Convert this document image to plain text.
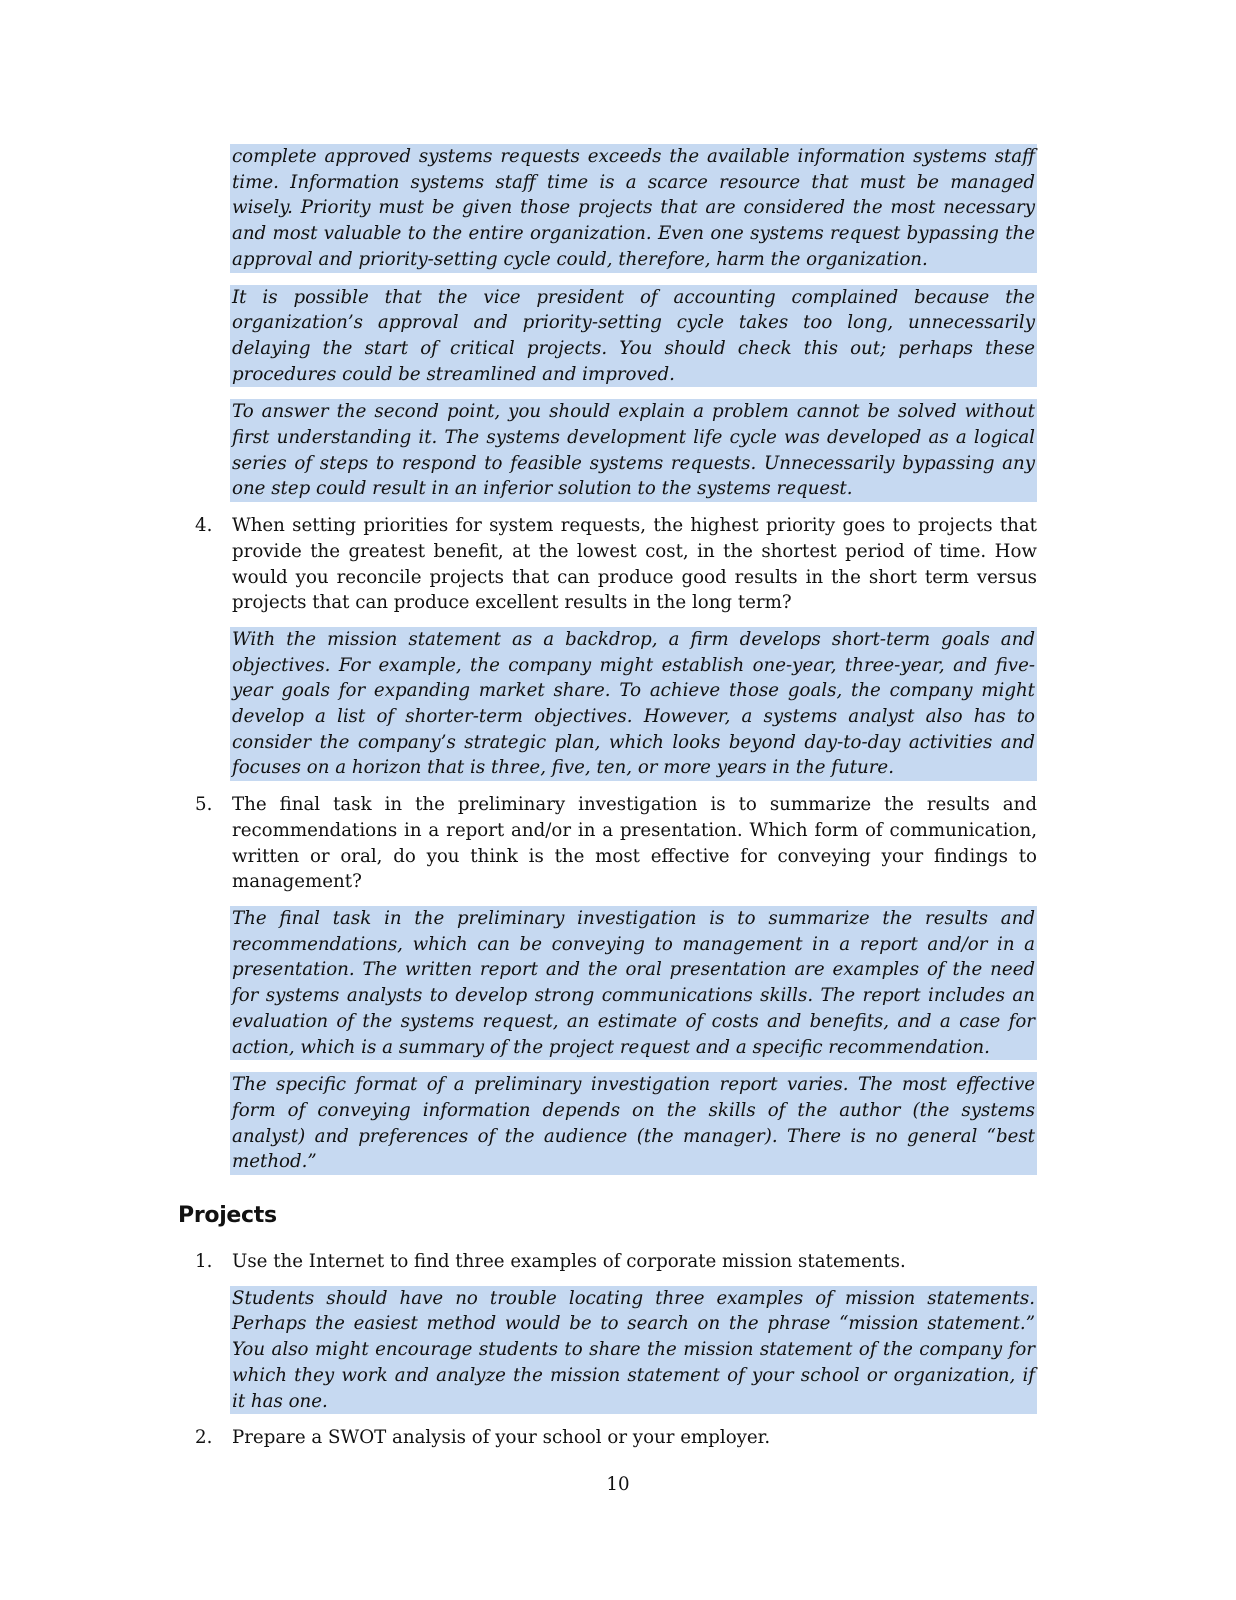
complete approved systems requests exceeds the available information systems staff time. Information systems staff time is a scarce resource that must be managed wisely. Priority must be given those projects that are considered the most necessary and most valuable to the entire organization. Even one systems request bypassing the approval and priority-setting cycle could, therefore, harm the organization.
It is possible that the vice president of accounting complained because the organization’s approval and priority-setting cycle takes too long, unnecessarily delaying the start of critical projects. You should check this out; perhaps these procedures could be streamlined and improved.
To answer the second point, you should explain a problem cannot be solved without first understanding it. The systems development life cycle was developed as a logical series of steps to respond to feasible systems requests. Unnecessarily bypassing any one step could result in an inferior solution to the systems request.
4. When setting priorities for system requests, the highest priority goes to projects that provide the greatest benefit, at the lowest cost, in the shortest period of time. How would you reconcile projects that can produce good results in the short term versus projects that can produce excellent results in the long term?
With the mission statement as a backdrop, a firm develops short-term goals and objectives. For example, the company might establish one-year, three-year, and five-year goals for expanding market share. To achieve those goals, the company might develop a list of shorter-term objectives. However, a systems analyst also has to consider the company’s strategic plan, which looks beyond day-to-day activities and focuses on a horizon that is three, five, ten, or more years in the future.
5. The final task in the preliminary investigation is to summarize the results and recommendations in a report and/or in a presentation. Which form of communication, written or oral, do you think is the most effective for conveying your findings to management?
The final task in the preliminary investigation is to summarize the results and recommendations, which can be conveying to management in a report and/or in a presentation. The written report and the oral presentation are examples of the need for systems analysts to develop strong communications skills. The report includes an evaluation of the systems request, an estimate of costs and benefits, and a case for action, which is a summary of the project request and a specific recommendation.
The specific format of a preliminary investigation report varies. The most effective form of conveying information depends on the skills of the author (the systems analyst) and preferences of the audience (the manager). There is no general “best method.”
Projects
1. Use the Internet to find three examples of corporate mission statements.
Students should have no trouble locating three examples of mission statements. Perhaps the easiest method would be to search on the phrase “mission statement.” You also might encourage students to share the mission statement of the company for which they work and analyze the mission statement of your school or organization, if it has one.
2. Prepare a SWOT analysis of your school or your employer.
10
